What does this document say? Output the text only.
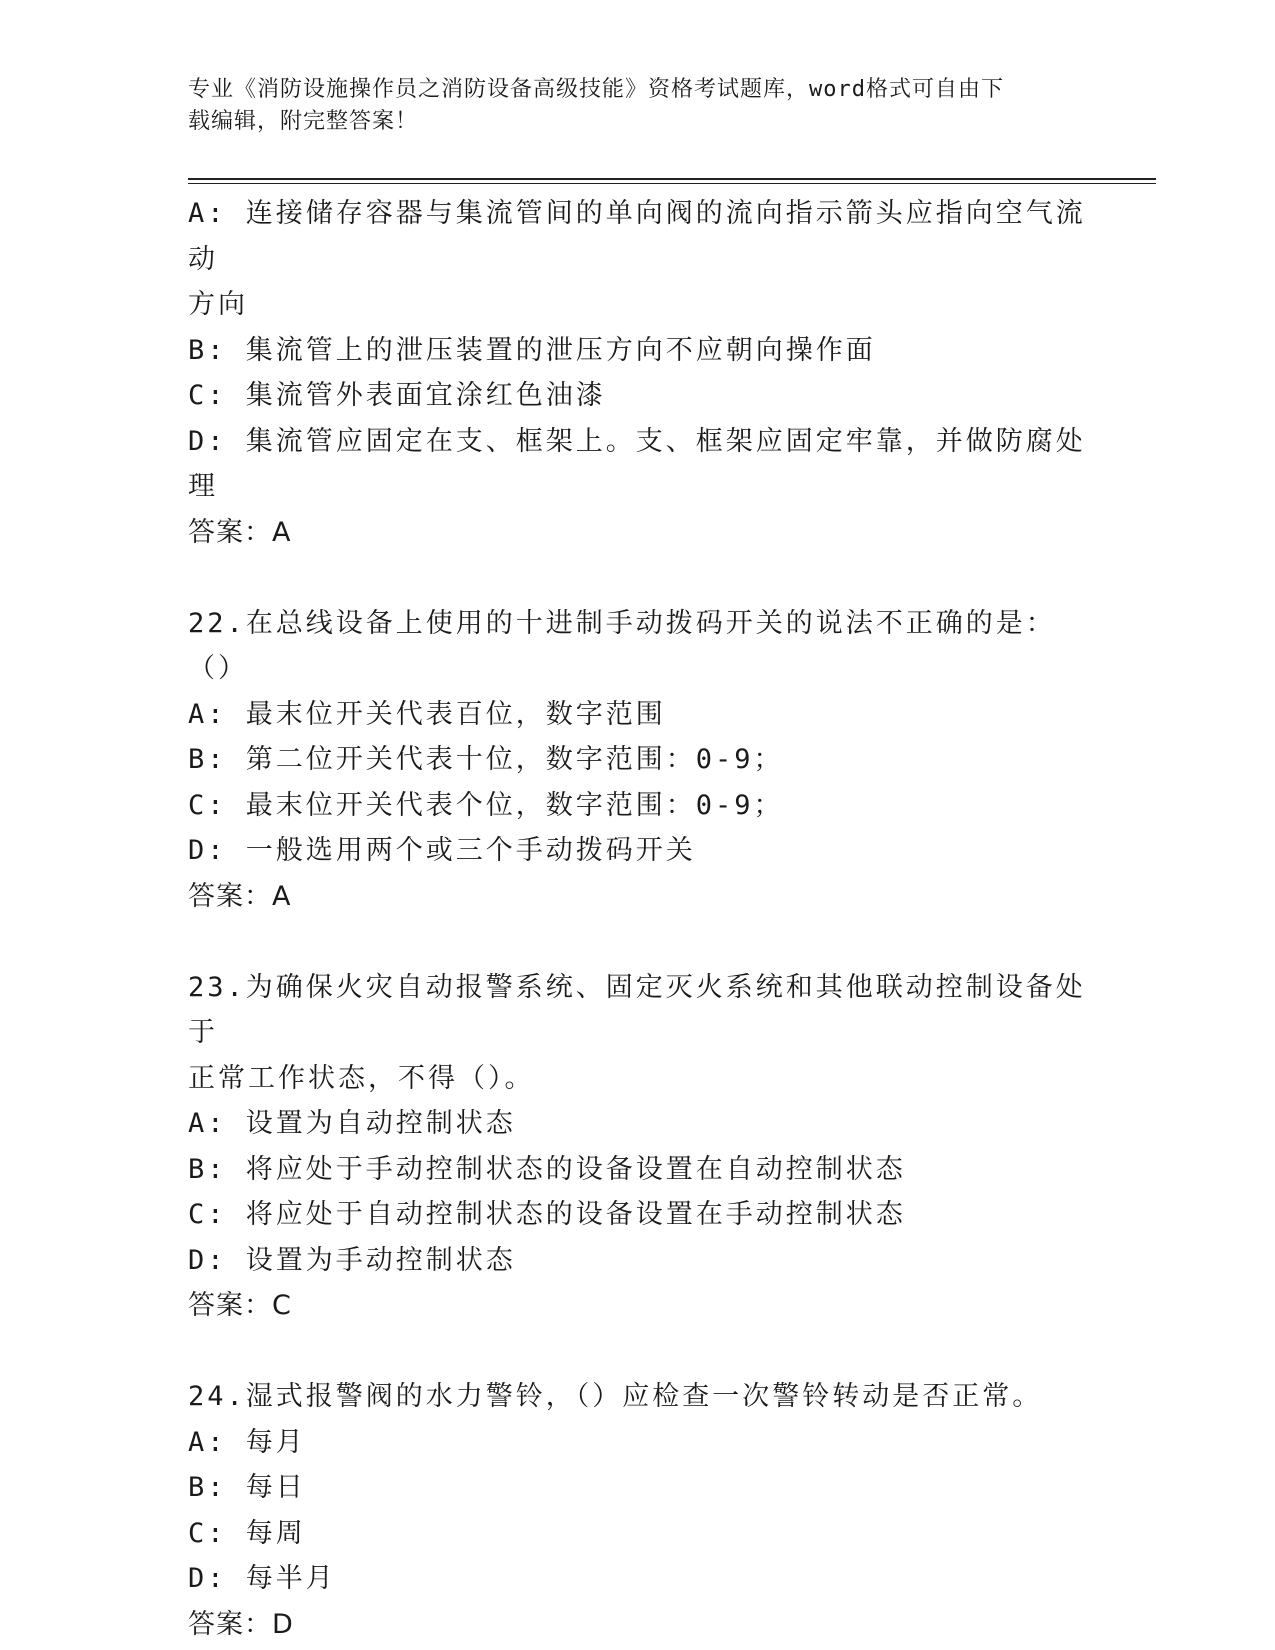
专业《消防设施操作员之消防设备高级技能》资格考试题库，word格式可自由下
载编辑，附完整答案！
A: 连接储存容器与集流管间的单向阀的流向指示箭头应指向空气流动
方向
B: 集流管上的泄压装置的泄压方向不应朝向操作面
C: 集流管外表面宜涂红色油漆
D: 集流管应固定在支、框架上。支、框架应固定牢靠，并做防腐处理
答案：A
22.在总线设备上使用的十进制手动拨码开关的说法不正确的是：（）
A: 最末位开关代表百位，数字范围
B: 第二位开关代表十位，数字范围：0-9；
C: 最末位开关代表个位，数字范围：0-9；
D: 一般选用两个或三个手动拨码开关
答案：A
23.为确保火灾自动报警系统、固定灭火系统和其他联动控制设备处于
正常工作状态，不得（）。
A: 设置为自动控制状态
B: 将应处于手动控制状态的设备设置在自动控制状态
C: 将应处于自动控制状态的设备设置在手动控制状态
D: 设置为手动控制状态
答案：C
24.湿式报警阀的水力警铃，（）应检查一次警铃转动是否正常。
A: 每月
B: 每日
C: 每周
D: 每半月
答案：D
